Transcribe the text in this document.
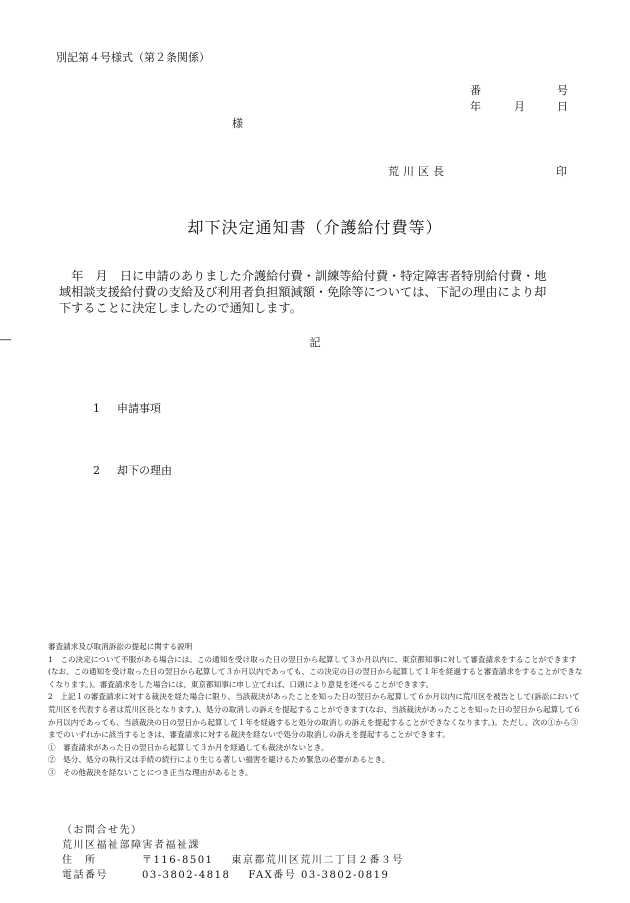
別記第４号様式（第２条関係）
番	号
年	月	日
様
荒川区長	印
却下決定通知書（介護給付費等）

　年　月　日に申請のありました介護給付費・訓練等給付費・特定障害者特別給付費・地

域相談支援給付費の支給及び利用者負担額減額・免除等については、下記の理由により却

下することに決定しましたので通知します。

―	記
1 申請事項
2 却下の理由

審査請求及び取消訴訟の提起に関する説明

1　この決定について不服がある場合には、この通知を受け取った日の翌日から起算して３か月以内に、東京都知事に対して審査請求をすることができます(なお、この通知を受け取った日の翌日から起算して３か月以内であっても、この決定の日の翌日から起算して１年を経過すると審査請求をすることができなくなります。)。審査請求をした場合には、東京都知事に申し立てれば、口頭により意見を述べることができます。

2　上記１の審査請求に対する裁決を経た場合に限り、当該裁決があったことを知った日の翌日から起算して６か月以内に荒川区を被告として(訴訟において荒川区を代表する者は荒川区長となります。)、処分の取消しの訴えを提起することができます(なお、当該裁決があったことを知った日の翌日から起算して６か月以内であっても、当該裁決の日の翌日から起算して１年を経過すると処分の取消しの訴えを提起することができなくなります。)。ただし、次の①から③までのいずれかに該当するときは、審査請求に対する裁決を経ないで処分の取消しの訴えを提起することができます。

①　審査請求があった日の翌日から起算して３か月を経過しても裁決がないとき。

②　処分、処分の執行又は手続の続行により生じる著しい損害を避けるため緊急の必要があるとき。

③　その他裁決を経ないことにつき正当な理由があるとき。

（お問合せ先）
荒川区福祉部障害者福祉課
住　所	〒116-8501 東京都荒川区荒川二丁目２番３号
電話番号	03-3802-4818 FAX番号 03-3802-0819
